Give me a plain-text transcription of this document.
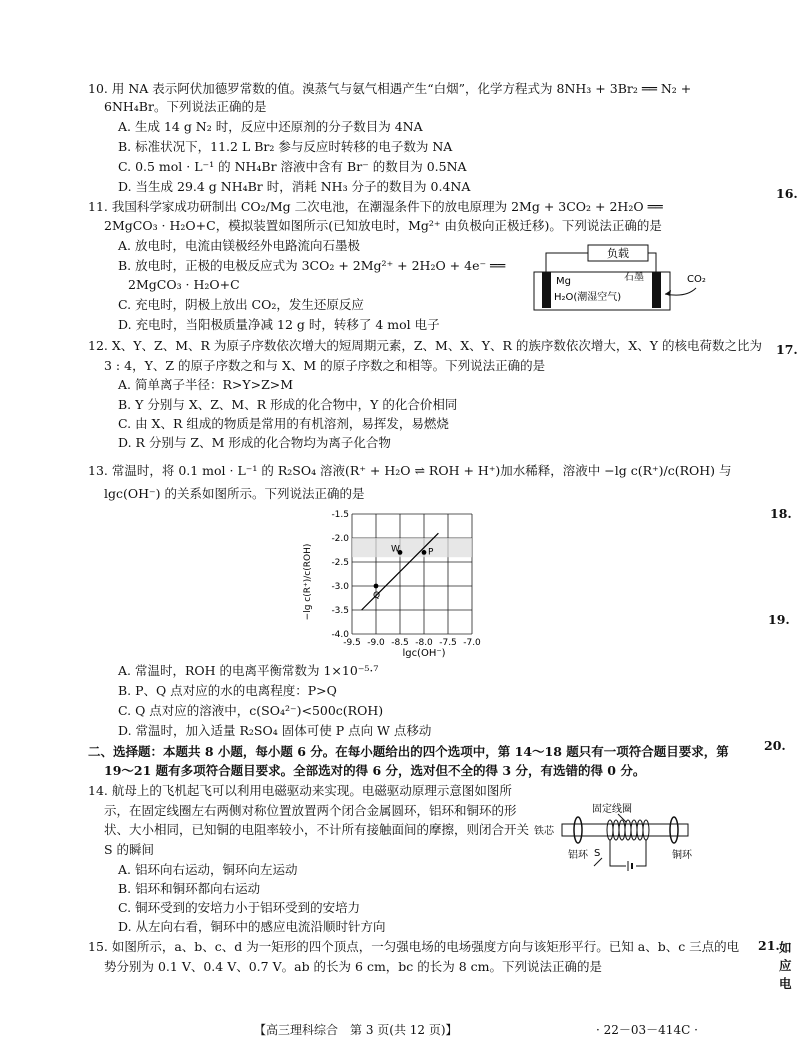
10. 用 NA 表示阿伏加德罗常数的值。溴蒸气与氨气相遇产生“白烟”，化学方程式为 8NH₃ + 3Br₂ ══ N₂ +
6NH₄Br。下列说法正确的是
A. 生成 14 g N₂ 时，反应中还原剂的分子数目为 4NA
B. 标准状况下，11.2 L Br₂ 参与反应时转移的电子数为 NA
C. 0.5 mol · L⁻¹ 的 NH₄Br 溶液中含有 Br⁻ 的数目为 0.5NA
D. 当生成 29.4 g NH₄Br 时，消耗 NH₃ 分子的数目为 0.4NA
11. 我国科学家成功研制出 CO₂/Mg 二次电池，在潮湿条件下的放电原理为 2Mg + 3CO₂ + 2H₂O ══
2MgCO₃ · H₂O+C，模拟装置如图所示(已知放电时，Mg²⁺ 由负极向正极迁移)。下列说法正确的是
A. 放电时，电流由镁极经外电路流向石墨极
B. 放电时，正极的电极反应式为 3CO₂ + 2Mg²⁺ + 2H₂O + 4e⁻ ══
2MgCO₃ · H₂O+C
C. 充电时，阴极上放出 CO₂，发生还原反应
D. 充电时，当阳极质量净减 12 g 时，转移了 4 mol 电子
负载
Mg	石墨
H₂O(潮湿空气)
CO₂
12. X、Y、Z、M、R 为原子序数依次增大的短周期元素，Z、M、X、Y、R 的族序数依次增大，X、Y 的核电荷数之比为
3 : 4，Y、Z 的原子序数之和与 X、M 的原子序数之和相等。下列说法正确的是
A. 简单离子半径：R>Y>Z>M
B. Y 分别与 X、Z、M、R 形成的化合物中，Y 的化合价相同
C. 由 X、R 组成的物质是常用的有机溶剂，易挥发，易燃烧
D. R 分别与 Z、M 形成的化合物均为离子化合物
13. 常温时，将 0.1 mol · L⁻¹ 的 R₂SO₄ 溶液(R⁺ + H₂O ⇌ ROH + H⁺)加水稀释，溶液中 −lg c(R⁺)/c(ROH) 与
lgc(OH⁻) 的关系如图所示。下列说法正确的是
-9.5 -9.0 -8.5 -8.0 -7.5 -7.0
-1.5
-2.0
-2.5
-3.0
-3.5
-4.0
Q
W	P
lgc(OH⁻)
−lg c(R⁺)/c(ROH)
A. 常温时，ROH 的电离平衡常数为 1×10⁻⁵·⁷
B. P、Q 点对应的水的电离程度：P>Q
C. Q 点对应的溶液中，c(SO₄²⁻)<500c(ROH)
D. 常温时，加入适量 R₂SO₄ 固体可使 P 点向 W 点移动
二、选择题：本题共 8 小题，每小题 6 分。在每小题给出的四个选项中，第 14～18 题只有一项符合题目要求，第
19～21 题有多项符合题目要求。全部选对的得 6 分，选对但不全的得 3 分，有选错的得 0 分。
14. 航母上的飞机起飞可以利用电磁驱动来实现。电磁驱动原理示意图如图所
示，在固定线圈左右两侧对称位置放置两个闭合金属圆环，铝环和铜环的形
状、大小相同，已知铜的电阻率较小，不计所有接触面间的摩擦，则闭合开关
S 的瞬间
A. 铝环向右运动，铜环向左运动
B. 铝环和铜环都向右运动
C. 铜环受到的安培力小于铝环受到的安培力
D. 从左向右看，铜环中的感应电流沿顺时针方向
固定线圈
铁芯
铝环	铜环
S
15. 如图所示，a、b、c、d 为一矩形的四个顶点，一匀强电场的电场强度方向与该矩形平行。已知 a、b、c 三点的电
势分别为 0.1 V、0.4 V、0.7 V。ab 的长为 6 cm，bc 的长为 8 cm。下列说法正确的是
16.
17.
18.
19.
20.
21. 如
应
电
【高三理科综合　第 3 页(共 12 页)】	· 22－03－414C ·
